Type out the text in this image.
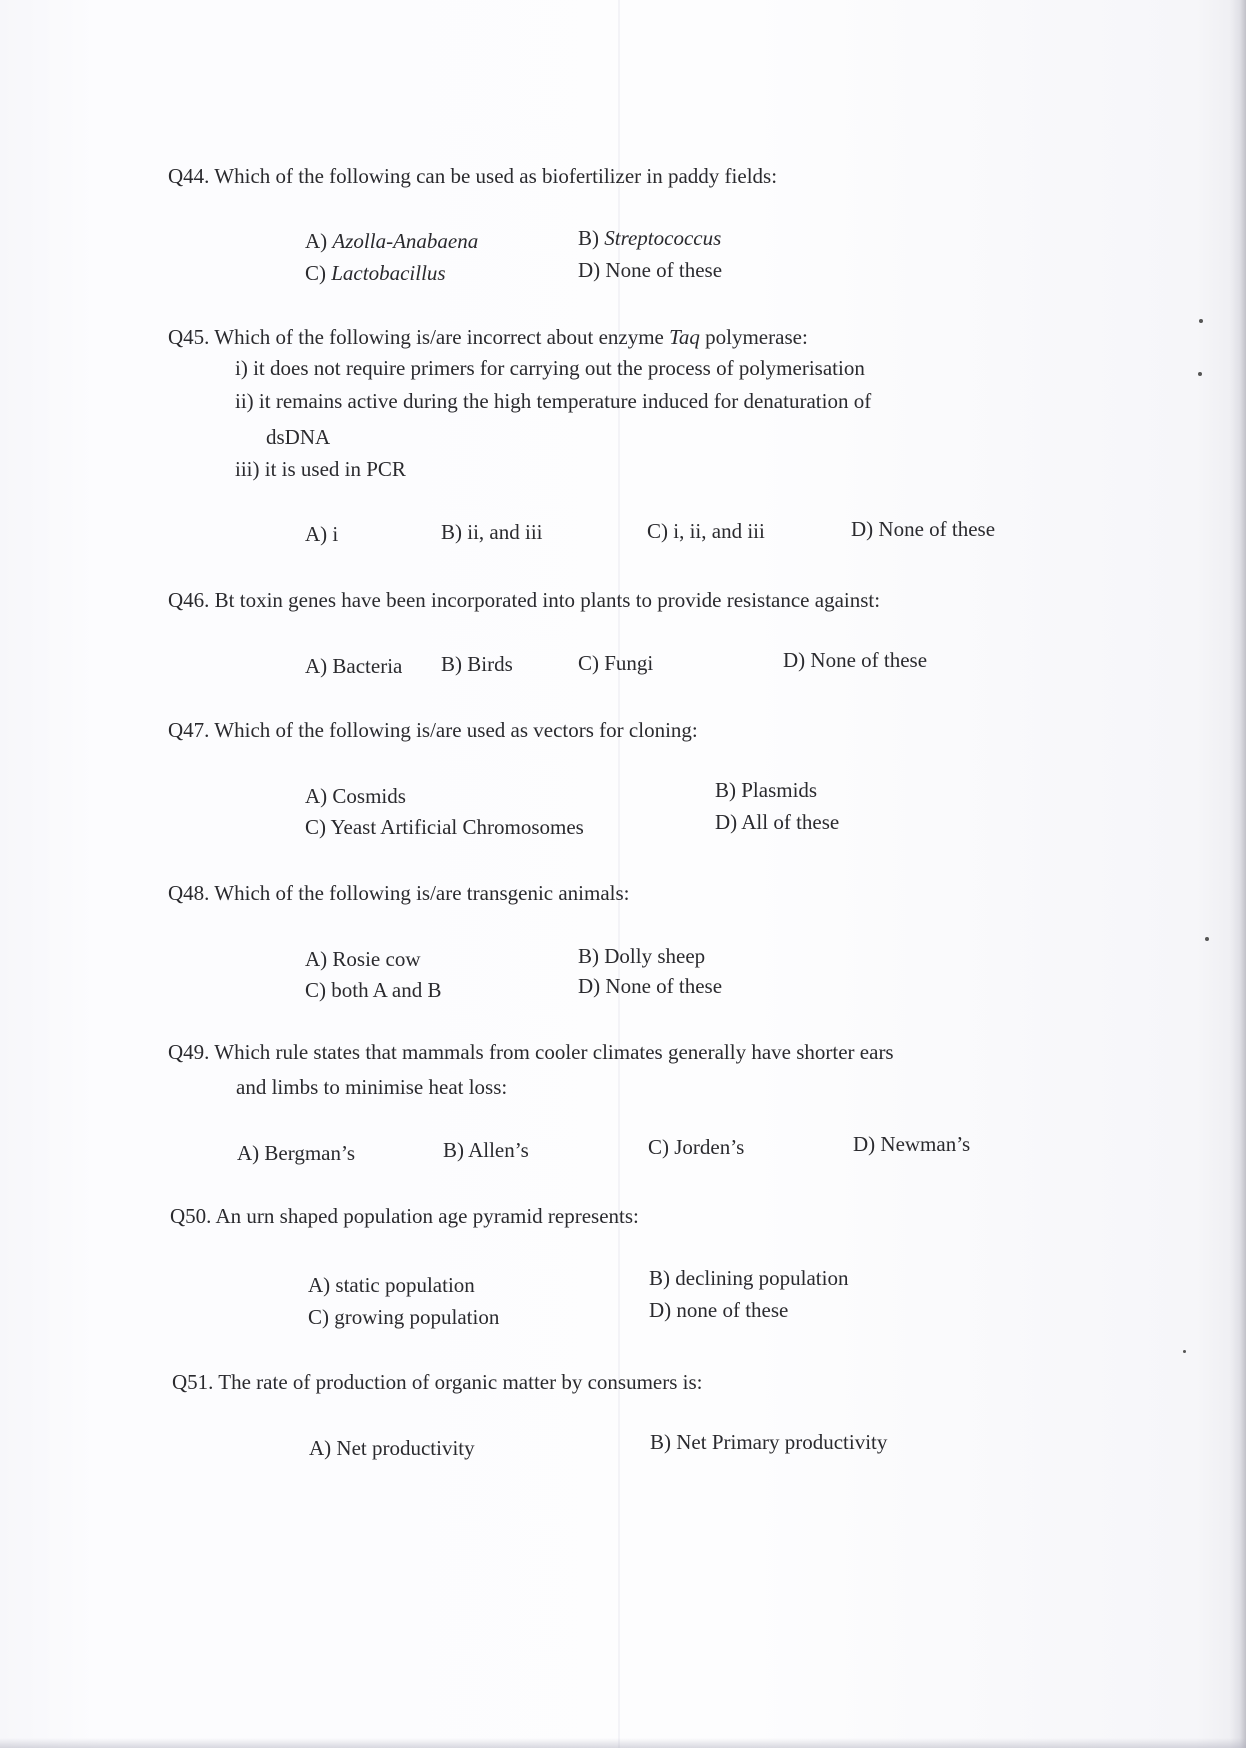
Q44. Which of the following can be used as biofertilizer in paddy fields:
A) Azolla-Anabaena	B) Streptococcus
C) Lactobacillus	D) None of these
Q45. Which of the following is/are incorrect about enzyme Taq polymerase:
i) it does not require primers for carrying out the process of polymerisation
ii) it remains active during the high temperature induced for denaturation of
dsDNA
iii) it is used in PCR
A) i	B) ii, and iii	C) i, ii, and iii	D) None of these
Q46. Bt toxin genes have been incorporated into plants to provide resistance against:
A) Bacteria B) Birds	C) Fungi	D) None of these
Q47. Which of the following is/are used as vectors for cloning:
A) Cosmids	B) Plasmids
C) Yeast Artificial Chromosomes	D) All of these
Q48. Which of the following is/are transgenic animals:
A) Rosie cow	B) Dolly sheep
C) both A and B	D) None of these
Q49. Which rule states that mammals from cooler climates generally have shorter ears
and limbs to minimise heat loss:
A) Bergman’s	B) Allen’s	C) Jorden’s	D) Newman’s
Q50. An urn shaped population age pyramid represents:
A) static population	B) declining population
C) growing population	D) none of these
Q51. The rate of production of organic matter by consumers is:
A) Net productivity	B) Net Primary productivity
